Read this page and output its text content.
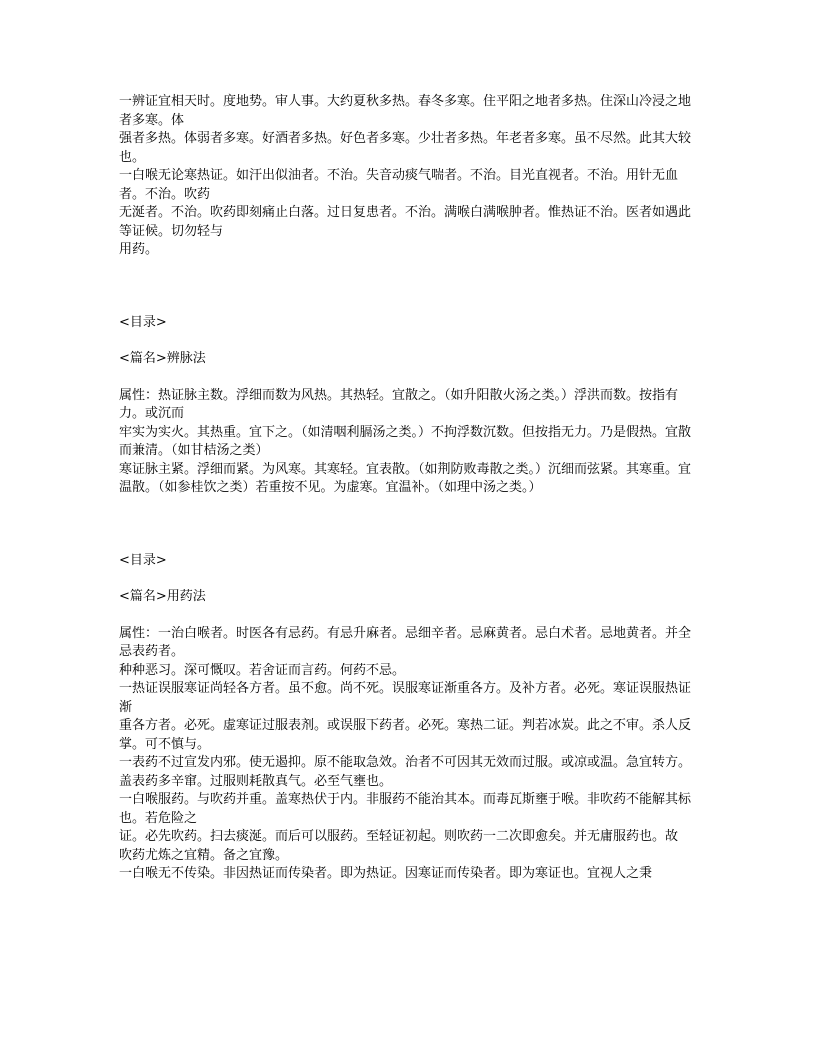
一辨证宜相天时。度地势。审人事。大约夏秋多热。春冬多寒。住平阳之地者多热。住深山冷浸之地者多寒。体

强者多热。体弱者多寒。好酒者多热。好色者多寒。少壮者多热。年老者多寒。虽不尽然。此其大较也。

一白喉无论寒热证。如汗出似油者。不治。失音动痰气喘者。不治。目光直视者。不治。用针无血者。不治。吹药

无涎者。不治。吹药即刻痛止白落。过日复患者。不治。满喉白满喉肿者。惟热证不治。医者如遇此等证候。切勿轻与

用药。

<目录>

<篇名>辨脉法

属性：热证脉主数。浮细而数为风热。其热轻。宜散之。（如升阳散火汤之类。）浮洪而数。按指有力。或沉而

牢实为实火。其热重。宜下之。（如清咽利膈汤之类。）不拘浮数沉数。但按指无力。乃是假热。宜散

而兼清。（如甘桔汤之类）

寒证脉主紧。浮细而紧。为风寒。其寒轻。宜表散。（如荆防败毒散之类。）沉细而弦紧。其寒重。宜

温散。（如参桂饮之类）若重按不见。为虚寒。宜温补。（如理中汤之类。）

<目录>

<篇名>用药法

属性：一治白喉者。时医各有忌药。有忌升麻者。忌细辛者。忌麻黄者。忌白术者。忌地黄者。并全忌表药者。

种种恶习。深可慨叹。若舍证而言药。何药不忌。

一热证误服寒证尚轻各方者。虽不愈。尚不死。误服寒证渐重各方。及补方者。必死。寒证误服热证渐

重各方者。必死。虚寒证过服表剂。或误服下药者。必死。寒热二证。判若冰炭。此之不审。杀人反掌。可不慎与。

一表药不过宣发内邪。使无遏抑。原不能取急效。治者不可因其无效而过服。或凉或温。急宜转方。

盖表药多辛窜。过服则耗散真气。必至气壅也。

一白喉服药。与吹药并重。盖寒热伏于内。非服药不能治其本。而毒瓦斯壅于喉。非吹药不能解其标也。若危险之

证。必先吹药。扫去痰涎。而后可以服药。至轻证初起。则吹药一二次即愈矣。并无庸服药也。故

吹药尤炼之宜精。备之宜豫。

一白喉无不传染。非因热证而传染者。即为热证。因寒证而传染者。即为寒证也。宜视人之秉
